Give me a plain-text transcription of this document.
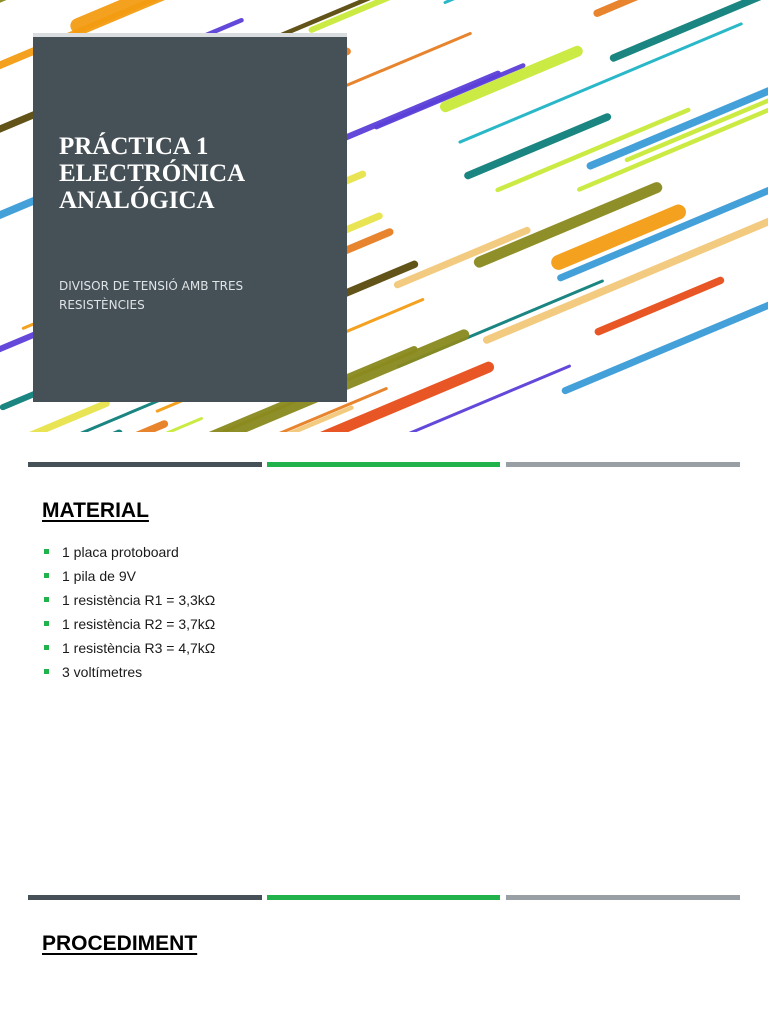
PRÁCTICA 1
ELECTRÓNICA
ANALÓGICA

DIVISOR DE TENSIÓ AMB TRES
RESISTÈNCIES

MATERIAL
1 placa protoboard
1 pila de 9V
1 resistència R1 = 3,3kΩ
1 resistència R2 = 3,7kΩ
1 resistència R3 = 4,7kΩ
3 voltímetres
PROCEDIMENT
